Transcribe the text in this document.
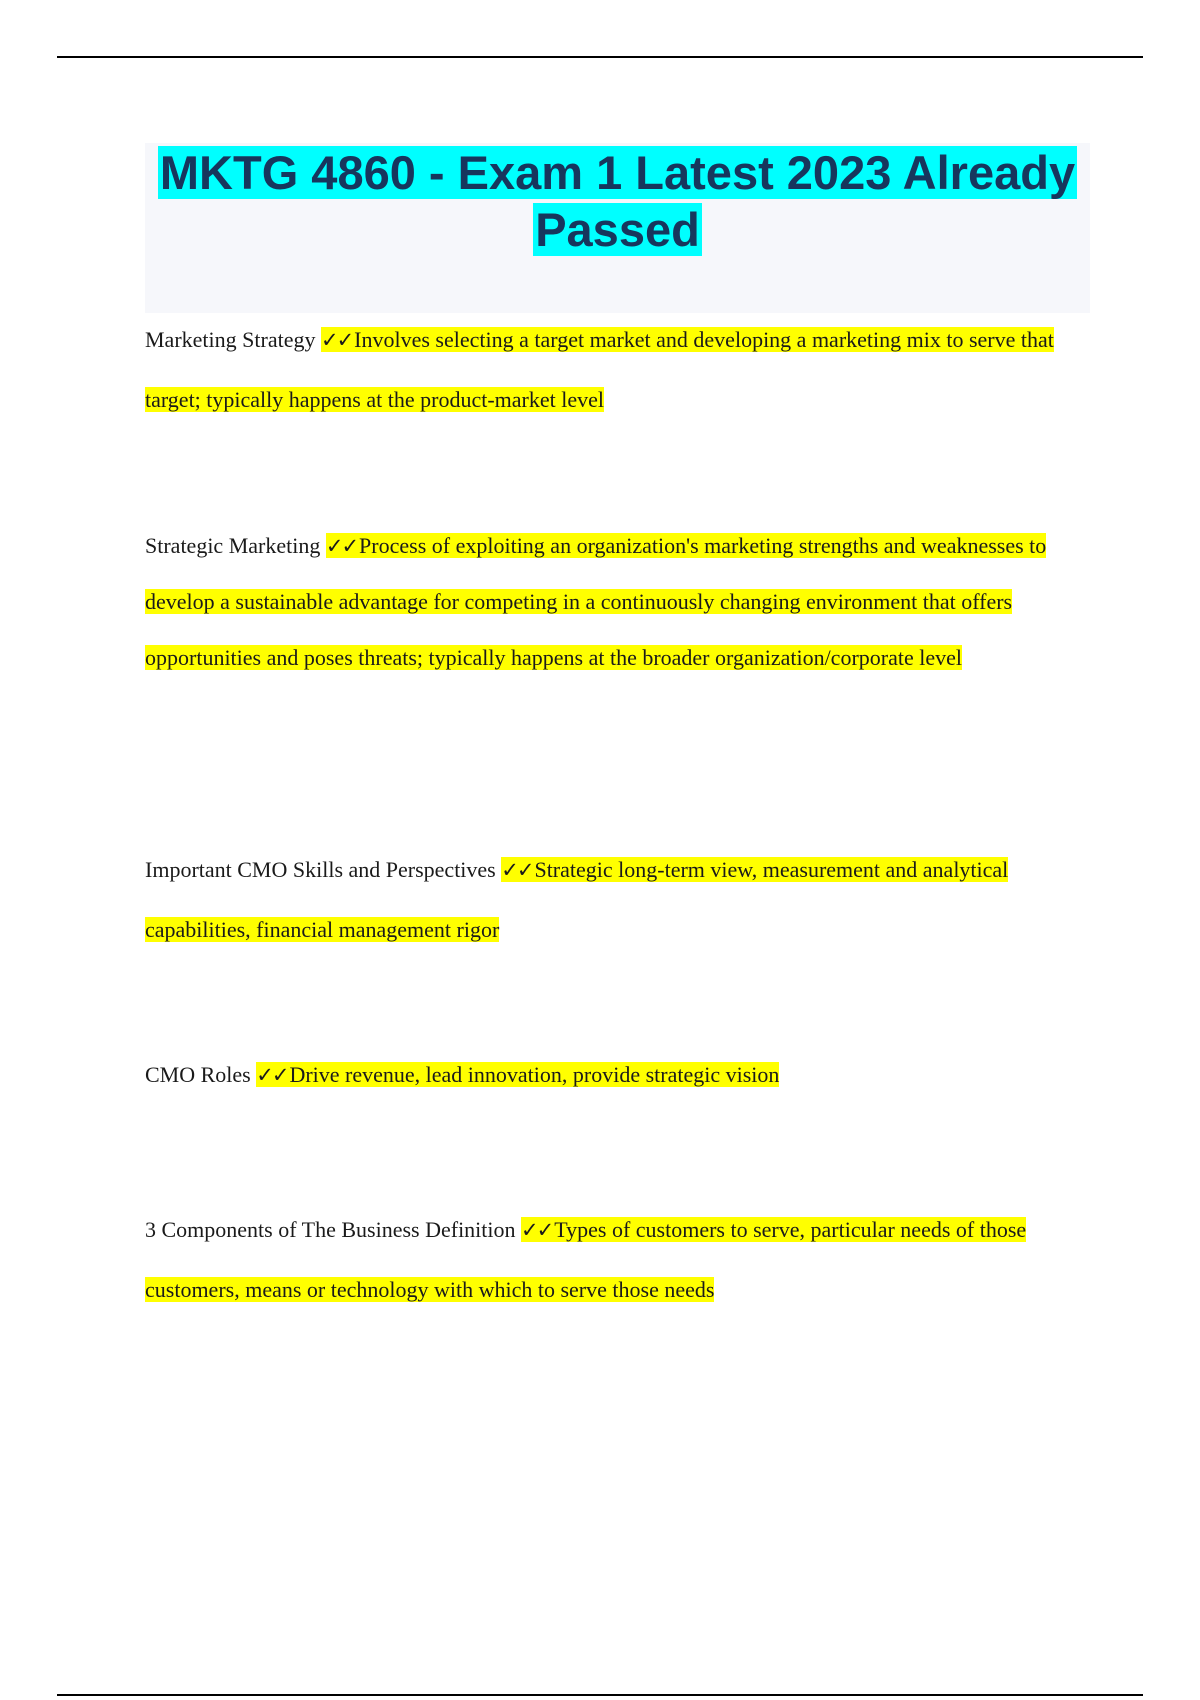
MKTG 4860 - Exam 1 Latest 2023 Already Passed

Marketing Strategy ✓✓Involves selecting a target market and developing a marketing mix to serve that target; typically happens at the product-market level

Strategic Marketing ✓✓Process of exploiting an organization's marketing strengths and weaknesses to develop a sustainable advantage for competing in a continuously changing environment that offers opportunities and poses threats; typically happens at the broader organization/corporate level

Important CMO Skills and Perspectives ✓✓Strategic long-term view, measurement and analytical capabilities, financial management rigor

CMO Roles ✓✓Drive revenue, lead innovation, provide strategic vision

3 Components of The Business Definition ✓✓Types of customers to serve, particular needs of those customers, means or technology with which to serve those needs
